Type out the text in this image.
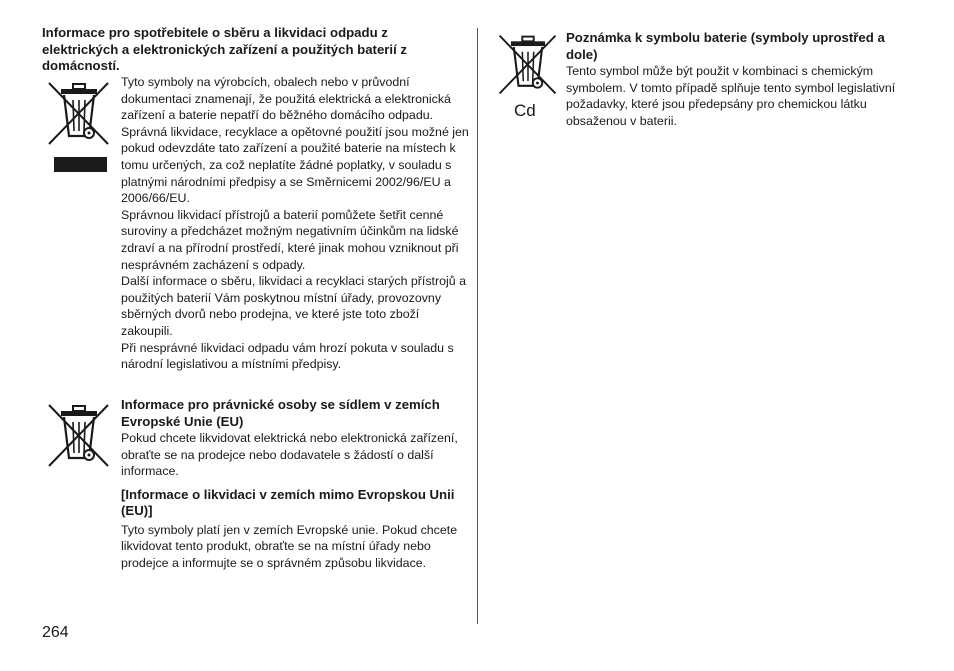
Informace pro spotřebitele o sběru a likvidaci odpadu z elektrických a elektronických zařízení a použitých baterií z domácností.

Tyto symboly na výrobcích, obalech nebo v průvodní dokumentaci znamenají, že použitá elektrická a elektronická zařízení a baterie nepatří do běžného domácího odpadu.

Správná likvidace, recyklace a opětovné použití jsou možné jen pokud odevzdáte tato zařízení a použité baterie na místech k tomu určených, za což neplatíte žádné poplatky, v souladu s platnými národními předpisy a se Směrnicemi 2002/96/EU a 2006/66/EU.

Správnou likvidací přístrojů a baterií pomůžete šetřit cenné suroviny a předcházet možným negativním účinkům na lidské zdraví a na přírodní prostředí, které jinak mohou vzniknout při nesprávném zacházení s odpady.

Další informace o sběru, likvidaci a recyklaci starých přístrojů a použitých baterií Vám poskytnou místní úřady, provozovny sběrných dvorů nebo prodejna, ve které jste toto zboží zakoupili.

Při nesprávné likvidaci odpadu vám hrozí pokuta v souladu s národní legislativou a místními předpisy.

Informace pro právnické osoby se sídlem v zemích Evropské Unie (EU)
Pokud chcete likvidovat elektrická nebo elektronická zařízení, obraťte se na prodejce nebo dodavatele s žádostí o další informace.
[Informace o likvidaci v zemích mimo Evropskou Unii (EU)]
Tyto symboly platí jen v zemích Evropské unie. Pokud chcete likvidovat tento produkt, obraťte se na místní úřady nebo prodejce a informujte se o správném způsobu likvidace.
Cd
Poznámka k symbolu baterie (symboly uprostřed a dole)
Tento symbol může být použit v kombinaci s chemickým symbolem. V tomto případě splňuje tento symbol legislativní požadavky, které jsou předepsány pro chemickou látku obsaženou v baterii.
264
